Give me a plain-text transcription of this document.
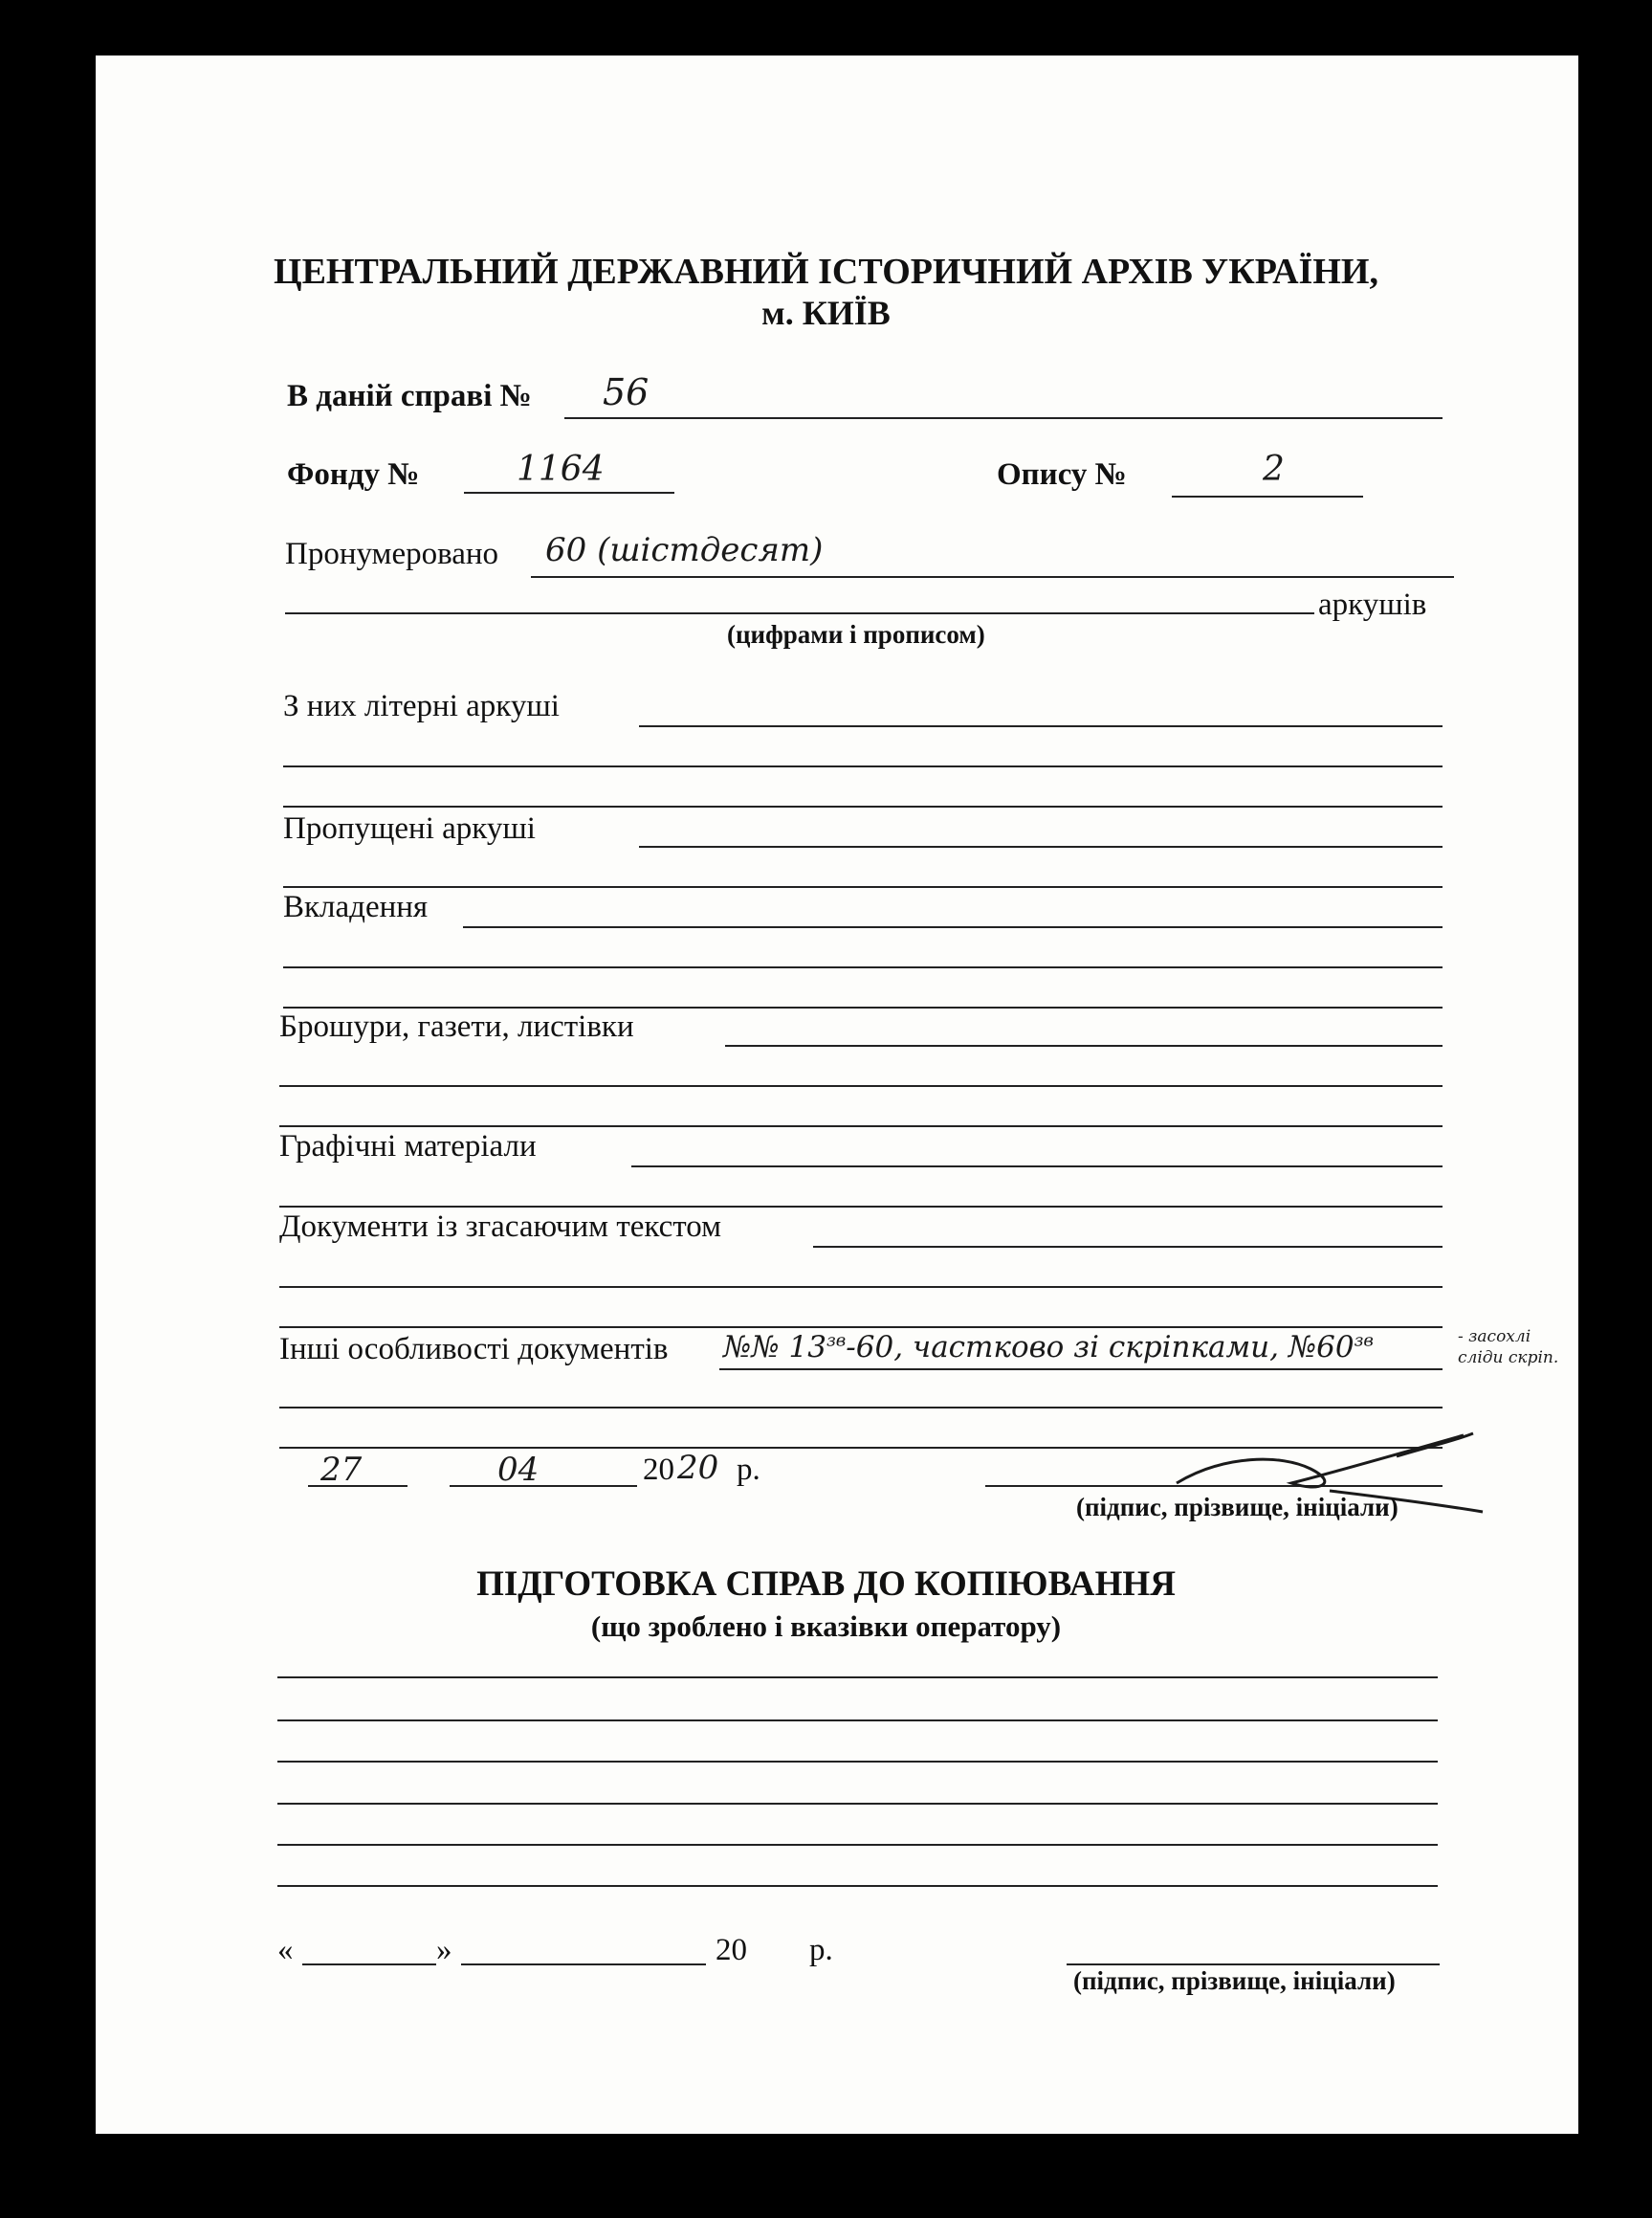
ЦЕНТРАЛЬНИЙ ДЕРЖАВНИЙ ІСТОРИЧНИЙ АРХІВ УКРАЇНИ,
м. КИЇВ
В даній справі № 56
Фонду №	1164	Опису №	2
Пронумеровано 60 (шістдесят)
аркушів
(цифрами і прописом)
З них літерні аркуші
Пропущені аркуші
Вкладення
Брошури, газети, листівки
Графічні матеріали
Документи із згасаючим текстом
Інші особливості документів №№ $13^{зв}-60$, частково зі скріпками, $№60^{зв}$	- засохлі сліди скріп.
27	04	20 20 р.
(підпис, прізвище, ініціали)
ПІДГОТОВКА СПРАВ ДО КОПІЮВАННЯ
(що зроблено і вказівки оператору)
«	»	20 р.
(підпис, прізвище, ініціали)
